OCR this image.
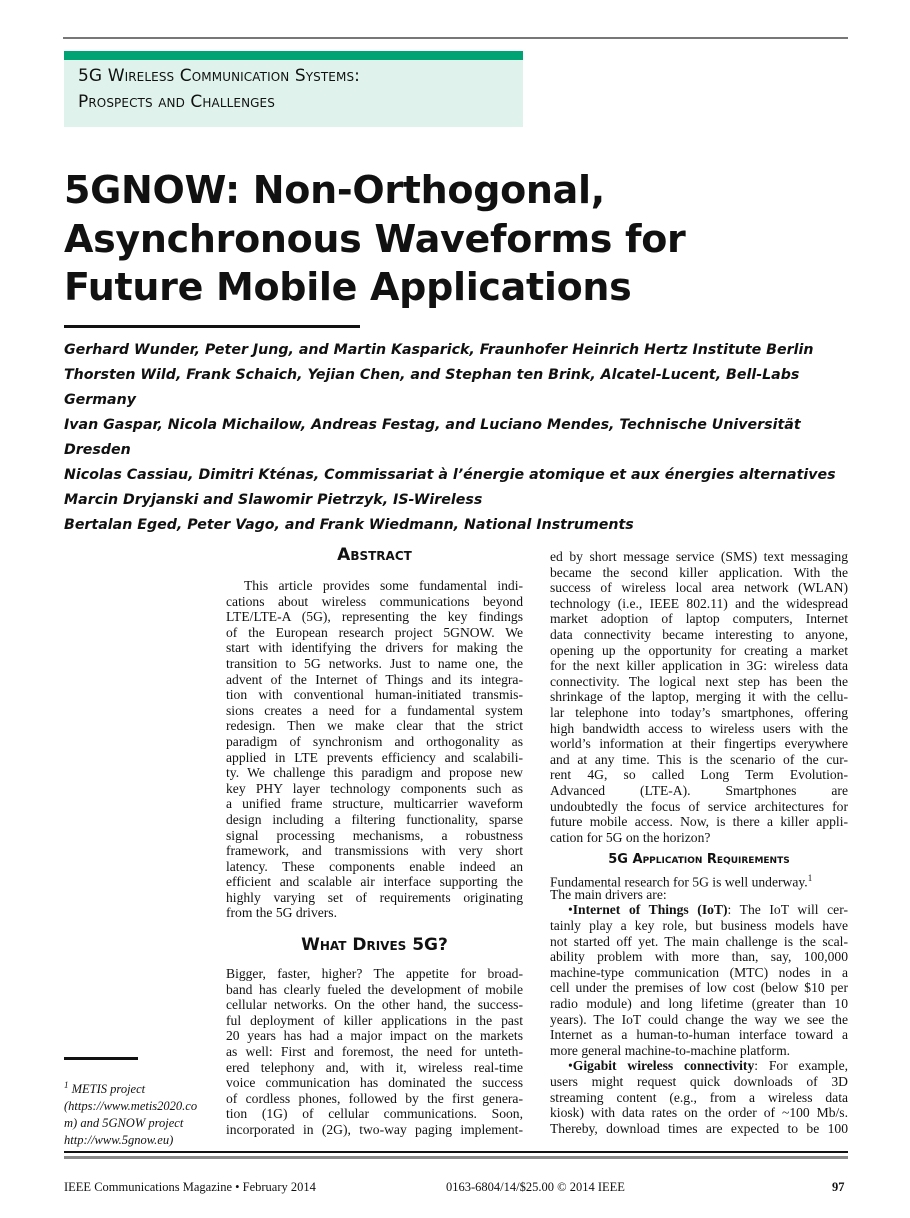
5G Wireless Communication Systems:
Prospects and Challenges
5GNOW: Non-Orthogonal,
Asynchronous Waveforms for
Future Mobile Applications
Gerhard Wunder, Peter Jung, and Martin Kasparick, Fraunhofer Heinrich Hertz Institute Berlin
Thorsten Wild, Frank Schaich, Yejian Chen, and Stephan ten Brink, Alcatel-Lucent, Bell-Labs Germany
Ivan Gaspar, Nicola Michailow, Andreas Festag, and Luciano Mendes, Technische Universität Dresden
Nicolas Cassiau, Dimitri Kténas, Commissariat à l’énergie atomique et aux énergies alternatives
Marcin Dryjanski and Slawomir Pietrzyk, IS-Wireless
Bertalan Eged, Peter Vago, and Frank Wiedmann, National Instruments
Abstract
This article provides some fundamental indi-
cations about wireless communications beyond
LTE/LTE-A (5G), representing the key findings
of the European research project 5GNOW. We
start with identifying the drivers for making the
transition to 5G networks. Just to name one, the
advent of the Internet of Things and its integra-
tion with conventional human-initiated transmis-
sions creates a need for a fundamental system
redesign. Then we make clear that the strict
paradigm of synchronism and orthogonality as
applied in LTE prevents efficiency and scalabili-
ty. We challenge this paradigm and propose new
key PHY layer technology components such as
a unified frame structure, multicarrier waveform
design including a filtering functionality, sparse
signal processing mechanisms, a robustness
framework, and transmissions with very short
latency. These components enable indeed an
efficient and scalable air interface supporting the
highly varying set of requirements originating
from the 5G drivers.
What Drives 5G?
Bigger, faster, higher? The appetite for broad-
band has clearly fueled the development of mobile
cellular networks. On the other hand, the success-
ful deployment of killer applications in the past
20 years has had a major impact on the markets
as well: First and foremost, the need for unteth-
ered telephony and, with it, wireless real-time
voice communication has dominated the success
of cordless phones, followed by the first genera-
tion (1G) of cellular communications. Soon,
incorporated in (2G), two-way paging implement-
ed by short message service (SMS) text messaging
became the second killer application. With the
success of wireless local area network (WLAN)
technology (i.e., IEEE 802.11) and the widespread
market adoption of laptop computers, Internet
data connectivity became interesting to anyone,
opening up the opportunity for creating a market
for the next killer application in 3G: wireless data
connectivity. The logical next step has been the
shrinkage of the laptop, merging it with the cellu-
lar telephone into today’s smartphones, offering
high bandwidth access to wireless users with the
world’s information at their fingertips everywhere
and at any time. This is the scenario of the cur-
rent 4G, so called Long Term Evolution-
Advanced (LTE-A). Smartphones are
undoubtedly the focus of service architectures for
future mobile access. Now, is there a killer appli-
cation for 5G on the horizon?
5G Application Requirements
Fundamental research for 5G is well underway.$^1$
The main drivers are:
•Internet of Things (IoT): The IoT will cer-
tainly play a key role, but business models have
not started off yet. The main challenge is the scal-
ability problem with more than, say, 100,000
machine-type communication (MTC) nodes in a
cell under the premises of low cost (below $10 per
radio module) and long lifetime (greater than 10
years). The IoT could change the way we see the
Internet as a human-to-human interface toward a
more general machine-to-machine platform.
•Gigabit wireless connectivity: For example,
users might request quick downloads of 3D
streaming content (e.g., from a wireless data
kiosk) with data rates on the order of ~100 Mb/s.
Thereby, download times are expected to be 100
$^1$ METIS project
(https://www.metis2020.co
m) and 5GNOW project
http://www.5gnow.eu)
IEEE Communications Magazine • February 2014	0163-6804/14/$25.00 © 2014 IEEE	97
